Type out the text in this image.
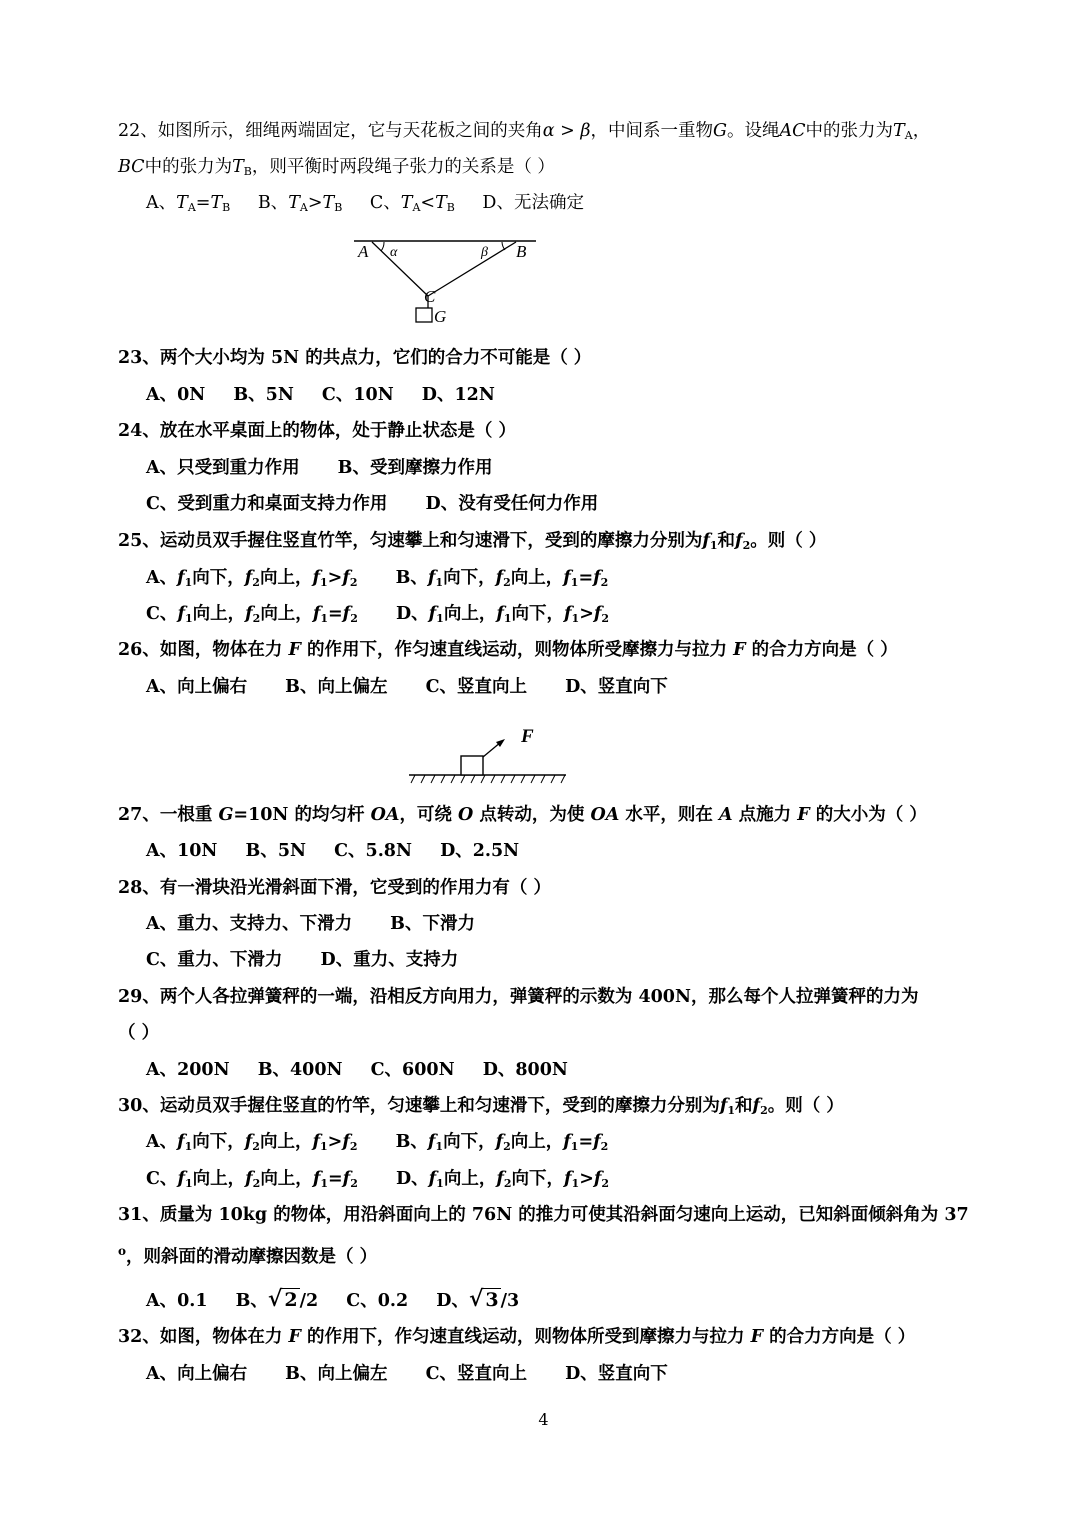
22、如图所示，细绳两端固定，它与天花板之间的夹角α > β，中间系一重物G。设绳AC中的张力为$T_A$，
BC中的张力为$T_B$，则平衡时两段绳子张力的关系是（ ）
A、$T_A=T_B$ B、$T_A>T_B$ C、$T_A<T_B$ D、无法确定
A α	β B
C
G
23、两个大小均为 5N 的共点力，它们的合力不可能是（ ）
A、0N B、5N C、10N D、12N
24、放在水平桌面上的物体，处于静止状态是（ ）
A、只受到重力作用 B、受到摩擦力作用
C、受到重力和桌面支持力作用 D、没有受任何力作用
25、运动员双手握住竖直竹竿，匀速攀上和匀速滑下，受到的摩擦力分别为$f_1$和$f_2$。则（ ）
A、$f_1$向下，$f_2$向上，$f_1>f_2$ B、$f_1$向下，$f_2$向上，$f_1=f_2$
C、$f_1$向上，$f_2$向上，$f_1=f_2$ D、$f_1$向上，$f_1$向下，$f_1>f_2$
26、如图，物体在力 F 的作用下，作匀速直线运动，则物体所受摩擦力与拉力 F 的合力方向是（ ）
A、向上偏右 B、向上偏左 C、竖直向上 D、竖直向下
F
27、一根重 G=10N 的均匀杆 OA，可绕 O 点转动，为使 OA 水平，则在 A 点施力 F 的大小为（ ）
A、10N B、5N C、5.8N D、2.5N
28、有一滑块沿光滑斜面下滑，它受到的作用力有（ ）
A、重力、支持力、下滑力 B、下滑力
C、重力、下滑力 D、重力、支持力
29、两个人各拉弹簧秤的一端，沿相反方向用力，弹簧秤的示数为 400N，那么每个人拉弹簧秤的力为
（ ）
A、200N B、400N C、600N D、800N
30、运动员双手握住竖直的竹竿，匀速攀上和匀速滑下，受到的摩擦力分别为$f_1$和$f_2$。则（ ）
A、$f_1$向下，$f_2$向上，$f_1>f_2$ B、$f_1$向下，$f_2$向上，$f_1=f_2$
C、$f_1$向上，$f_2$向上，$f_1=f_2$ D、$f_1$向上，$f_2$向下，$f_1>f_2$
31、质量为 10kg 的物体，用沿斜面向上的 76N 的推力可使其沿斜面匀速向上运动，已知斜面倾斜角为 37
$^o$，则斜面的滑动摩擦因数是（ ）
A、0.1 B、√ 2 /2 C、0.2 D、√ 3 /3
32、如图，物体在力 F 的作用下，作匀速直线运动，则物体所受到摩擦力与拉力 F 的合力方向是（ ）
A、向上偏右 B、向上偏左 C、竖直向上 D、竖直向下
4
